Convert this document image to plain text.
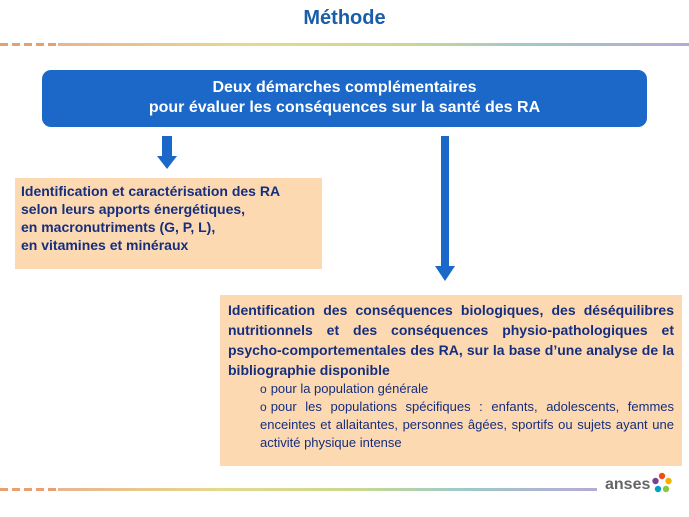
Méthode
Deux démarches complémentaires
pour évaluer les conséquences sur la santé des RA
Identification et caractérisation des RA
selon leurs apports énergétiques,
en macronutriments (G, P, L),
en vitamines et minéraux
Identification des conséquences biologiques, des déséquilibres nutritionnels et des conséquences physio-pathologiques et psycho-comportementales des RA, sur la base d’une analyse de la bibliographie disponible
o pour la population générale
o pour les populations spécifiques : enfants, adolescents, femmes enceintes et allaitantes, personnes âgées, sportifs ou sujets ayant une activité physique intense
anses
